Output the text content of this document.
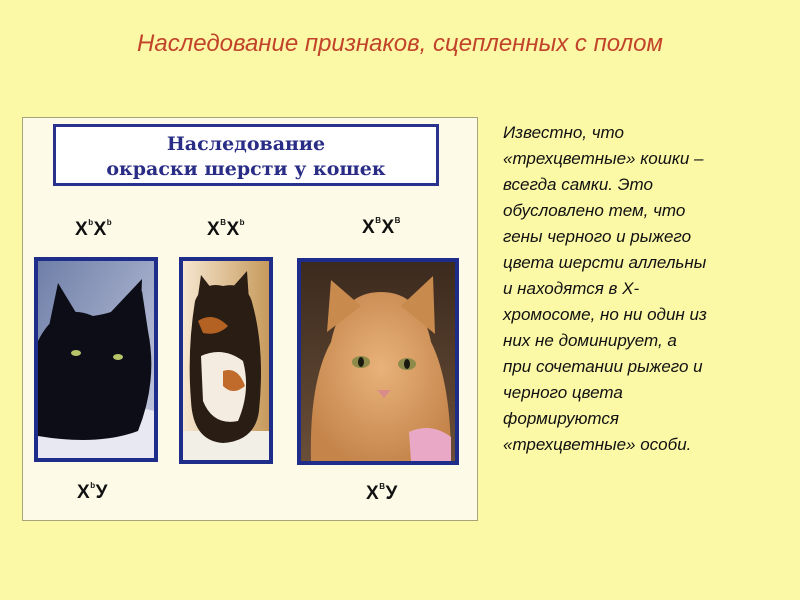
Наследование признаков, сцепленных с полом
Наследование
окраски шерсти у кошек
$X^bX^b$	$X^BX^b$	$X^BX^B$
$X^bУ$	$X^BУ$
Известно, что
«трехцветные» кошки –
всегда самки. Это
обусловлено тем, что
гены черного и рыжего
цвета шерсти аллельны
и находятся в Х-
хромосоме, но ни один из
них не доминирует, а
при сочетании рыжего и
черного цвета
формируются
«трехцветные» особи.
